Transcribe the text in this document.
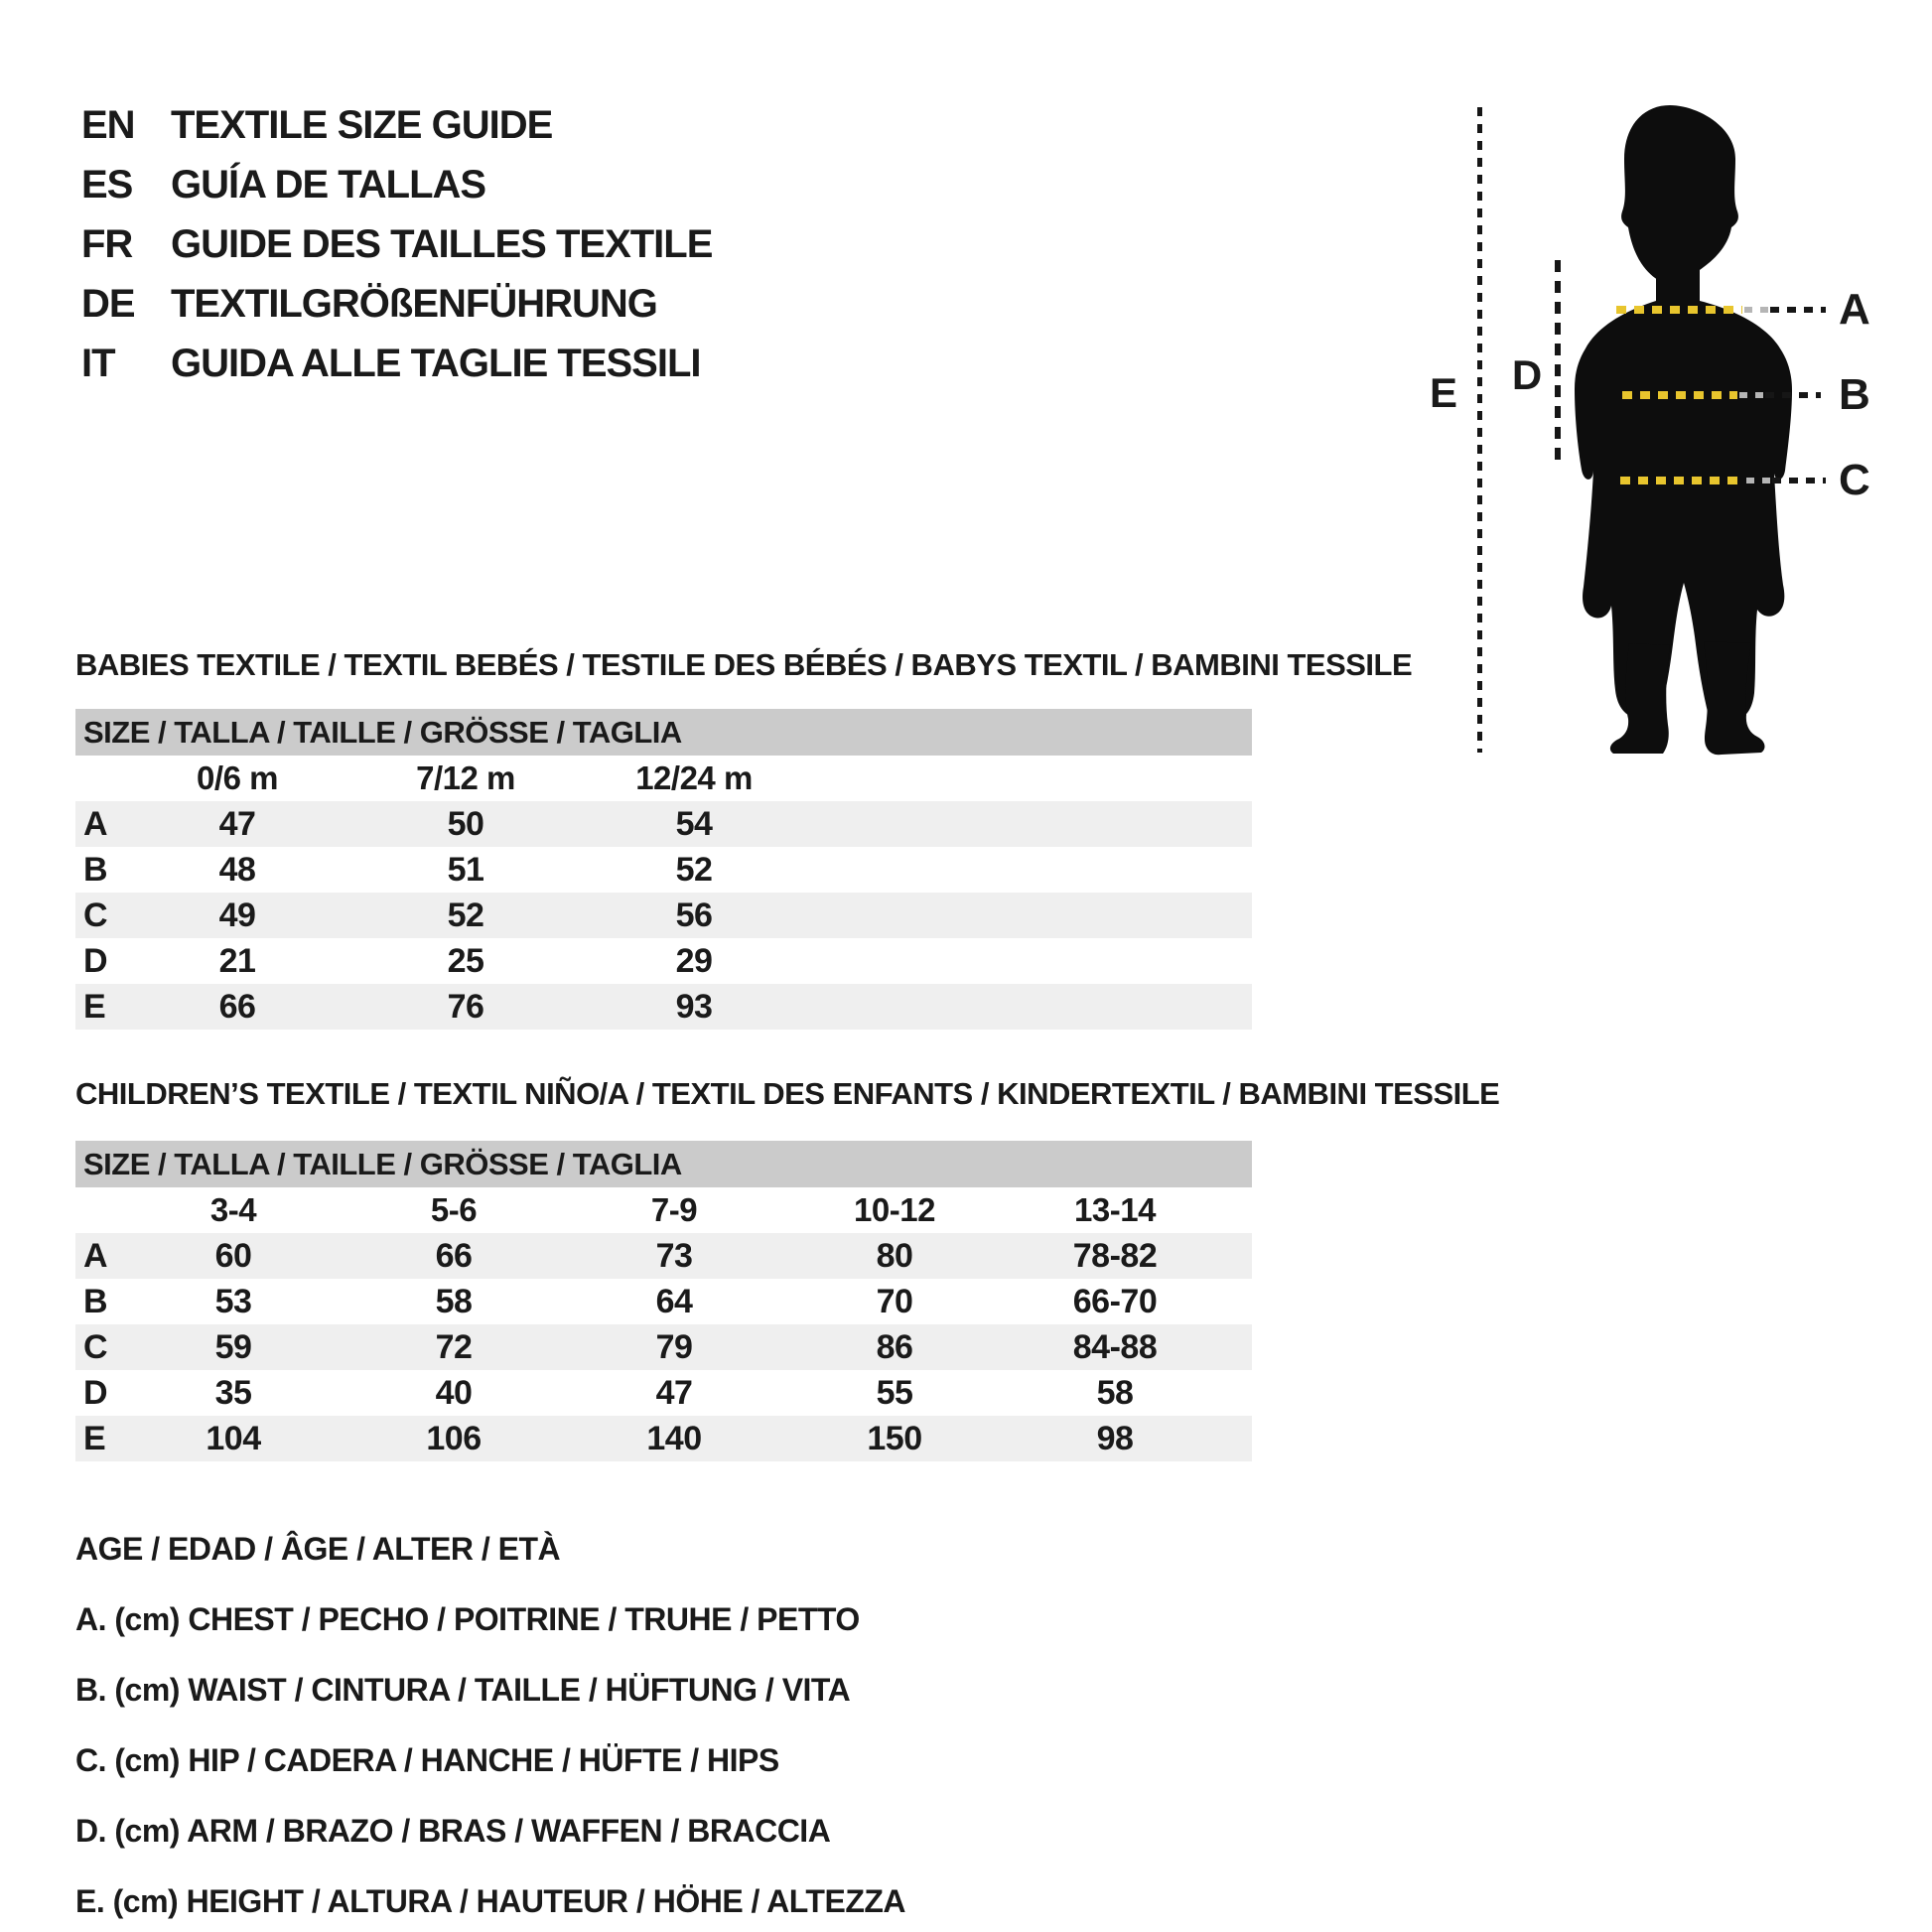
EN TEXTILE SIZE GUIDE
ES GUÍA DE TALLAS
FR GUIDE DES TAILLES TEXTILE
DE TEXTILGRÖßENFÜHRUNG
IT	GUIDA ALLE TAGLIE TESSILI
A
B
C
E	D
BABIES TEXTILE / TEXTIL BEBÉS / TESTILE DES BÉBÉS / BABYS TEXTIL / BAMBINI TESSILE
SIZE / TALLA / TAILLE / GRÖSSE / TAGLIA
0/6 m	7/12 m	12/24 m
A	47	50	54
B	48	51	52
C	49	52	56
D	21	25	29
E	66	76	93
CHILDREN’S TEXTILE / TEXTIL NIÑO/A / TEXTIL DES ENFANTS / KINDERTEXTIL / BAMBINI TESSILE
SIZE / TALLA / TAILLE / GRÖSSE / TAGLIA
3-4	5-6	7-9	10-12	13-14
A	60	66	73	80	78-82
B	53	58	64	70	66-70
C	59	72	79	86	84-88
D	35	40	47	55	58
E	104	106	140	150	98
AGE / EDAD / ÂGE / ALTER / ETÀ
A. (cm) CHEST / PECHO / POITRINE / TRUHE / PETTO
B. (cm) WAIST / CINTURA / TAILLE / HÜFTUNG / VITA
C. (cm) HIP / CADERA / HANCHE / HÜFTE / HIPS
D. (cm) ARM / BRAZO / BRAS / WAFFEN / BRACCIA
E. (cm) HEIGHT / ALTURA / HAUTEUR / HÖHE / ALTEZZA
